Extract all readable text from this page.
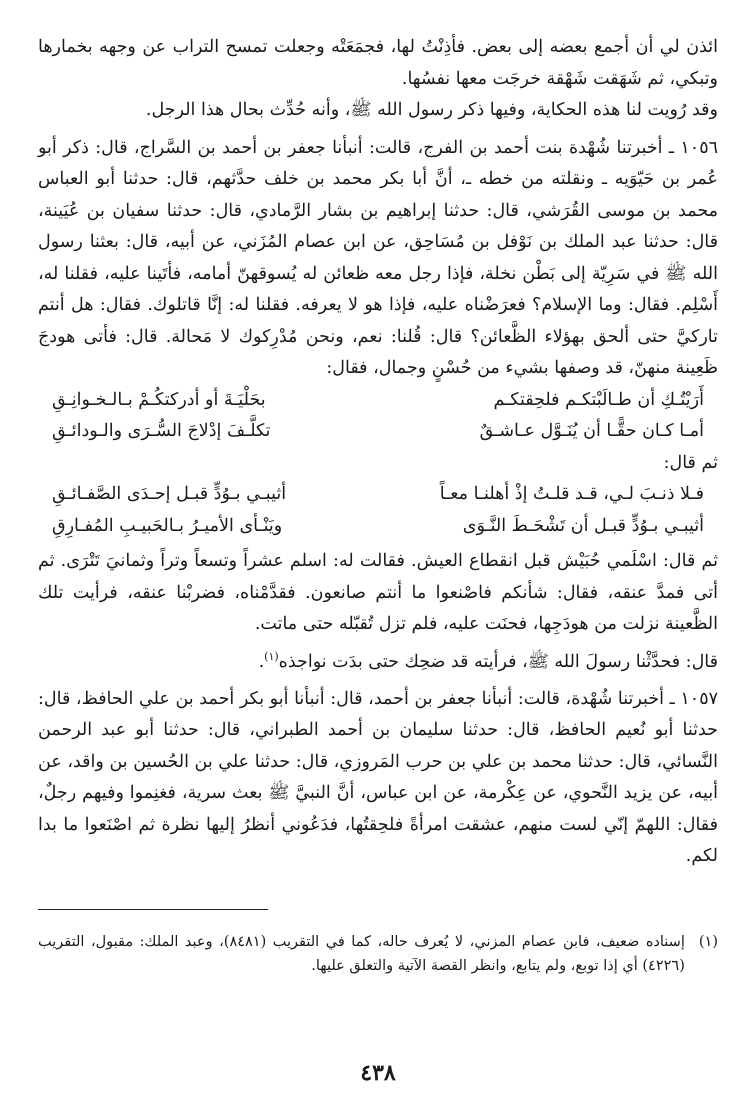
ائذن لي أن أجمع بعضه إلى بعض. فأذِنْتُ لها، فجمَعَتْه وجعلت تمسح التراب عن وجهه بخمارها وتبكي، ثم شَهَقت شَهْقة خرجَت معها نفسُها.

وقد رُويت لنا هذه الحكاية، وفيها ذكر رسول الله ﷺ، وأنه حُدِّث بحال هذا الرجل.

١٠٥٦ ـ أخبرتنا شُهْدة بنت أحمد بن الفرج، قالت: أنبأنا جعفر بن أحمد بن السَّراج، قال: ذكر أبو عُمر بن حَيّوَيه ـ ونقلته من خطه ـ، أنَّ أبا بكر محمد بن خلف حدَّثهم، قال: حدثنا أبو العباس محمد بن موسى القُرَشي، قال: حدثنا إبراهيم بن بشار الرَّمادي، قال: حدثنا سفيان بن عُيَينة، قال: حدثنا عبد الملك بن نَوْفل بن مُسَاحِق، عن ابن عصام المُزَني، عن أبيه، قال: بعثنا رسول الله ﷺ في سَرِيّة إلى بَطْن نخلة، فإذا رجل معه ظعائن له يُسوقهنّ أمامه، فأتَينا عليه، فقلنا له، أَسْلِم. فقال: وما الإسلام؟ فعرَضْناه عليه، فإذا هو لا يعرفه. فقلنا له: إنَّا قاتلوك. فقال: هل أنتم تاركيَّ حتى ألحق بهؤلاء الظَّعائن؟ قال: قُلنا: نعم، ونحن مُدْرِكوك لا مَحالة. قال: فأتى هودجَ ظَعِينة منهنّ، قد وصفها بشيء من حُسْنٍ وجمال، فقال:

أَرَيْتُـكِ أن طـالَبْتكـم فلحِقتكـم
بحَلْيَـةَ أو أدركتكُـمْ بـالـخـوانِـقِ
أمـا كـان حقًّـا أن يُنَـوَّل عـاشـقٌ
تكلَّـفَ إدْلاجَ السُّـرَى والـودائـقِ

ثم قال:

فـلا ذنـبَ لـي، قـد قلـتُ إذْ أهلنـا معـاً
أثيبـي بـوُدٍّ قبـل إحـدَى الصَّفـائـقِ
أثيبـي بـوُدٍّ قبـل أن تَشْحَـطَ النَّـوَى
ويَنْـأى الأميـرُ بـالحَبيـبِ المُفـارِقِ

ثم قال: اسْلَمي حُبَيْش قبل انقطاع العيش. فقالت له: اسلم عشراً وتسعاً وتراً وثمانيَ تَتْرَى. ثم أتى فمدَّ عنقه، فقال: شأنكم فاصْنعوا ما أنتم صانعون. فقدَّمْناه، فضربْنا عنقه، فرأيت تلك الظَّعينة نزلت من هودَجِها، فحنَت عليه، فلم تزل تُقبّله حتى ماتت.

قال: فحدَّثْنا رسولَ الله ﷺ، فرأيته قد ضحِك حتى بدَت نواجذه$^{(١)}$.

١٠٥٧ ـ أخبرتنا شُهْدة، قالت: أنبأنا جعفر بن أحمد، قال: أنبأنا أبو بكر أحمد بن علي الحافظ، قال: حدثنا أبو نُعيم الحافظ، قال: حدثنا سليمان بن أحمد الطبراني، قال: حدثنا أبو عبد الرحمن النَّسائي، قال: حدثنا محمد بن علي بن حرب المَروزي، قال: حدثنا علي بن الحُسين بن واقد، عن أبيه، عن يزيد النَّحوي، عن عِكْرمة، عن ابن عباس، أنَّ النبيَّ ﷺ بعث سرية، فغنِموا وفيهم رجلٌ، فقال: اللهمّ إنّي لست منهم، عشقت امرأةً فلحِقتُها، فدَعُوني أنظرُ إليها نظرة ثم اصْنَعوا ما بدا لكم.

(١)
إسناده ضعيف، فابن عصام المزني، لا يُعرف حاله، كما في التقريب (٨٤٨١)، وعبد الملك: مقبول، التقريب (٤٢٢٦) أي إذا توبع، ولم يتابع، وانظر القصة الآتية والتعلق عليها.
٤٣٨
